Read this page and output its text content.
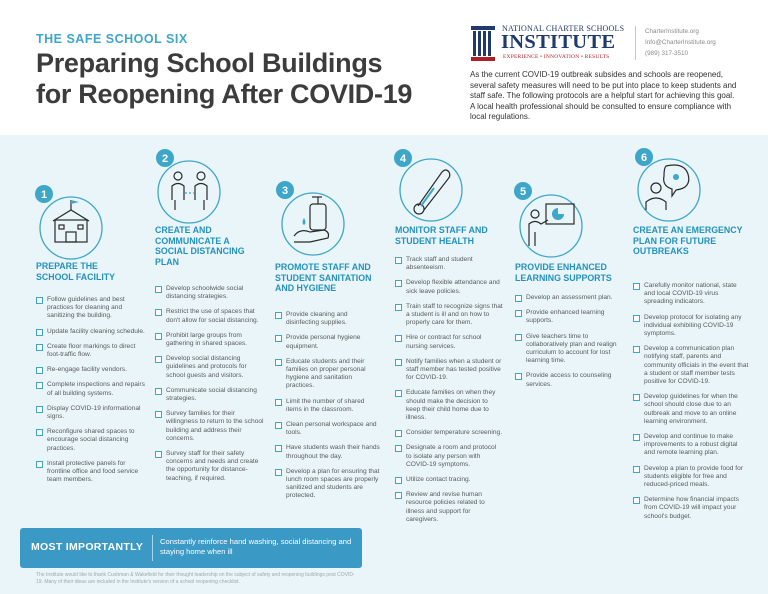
THE SAFE SCHOOL SIX
Preparing School Buildings
for Reopening After COVID-19
NATIONAL CHARTER SCHOOLS
INSTITUTE
EXPERIENCE • INNOVATION • RESULTS
CharterInstitute.org
Info@CharterInstitute.org
(989) 317-3510
As the current COVID-19 outbreak subsides and schools are reopened, several safety measures will need to be put into place to keep students and staff safe. The following protocols are a helpful start for achieving this goal. A local health professional should be consulted to ensure compliance with local regulations.
1
PREPARE THE SCHOOL FACILITY
Follow guidelines and best practices for cleaning and sanitizing the building.
Update facility cleaning schedule.
Create floor markings to direct foot-traffic flow.
Re-engage facility vendors.
Complete inspections and repairs of all building systems.
Display COVID-19 informational signs.
Reconfigure shared spaces to encourage social distancing practices.
Install protective panels for frontline office and food service team members.
2
CREATE AND COMMUNICATE A SOCIAL DISTANCING PLAN
Develop schoolwide social distancing strategies.
Restrict the use of spaces that don't allow for social distancing.
Prohibit large groups from gathering in shared spaces.
Develop social distancing guidelines and protocols for school guests and visitors.
Communicate social distancing strategies.
Survey families for their willingness to return to the school building and address their concerns.
Survey staff for their safety concerns and needs and create the opportunity for distance-teaching, if required.
3
PROMOTE STAFF AND STUDENT SANITATION AND HYGIENE
Provide cleaning and disinfecting supplies.
Provide personal hygiene equipment.
Educate students and their families on proper personal hygiene and sanitation practices.
Limit the number of shared items in the classroom.
Clean personal workspace and tools.
Have students wash their hands throughout the day.
Develop a plan for ensuring that lunch room spaces are properly sanitized and students are protected.
4
MONITOR STAFF AND STUDENT HEALTH
Track staff and student absenteeism.
Develop flexible attendance and sick leave policies.
Train staff to recognize signs that a student is ill and on how to properly care for them.
Hire or contract for school nursing services.
Notify families when a student or staff member has tested positive for COVID-19.
Educate families on when they should make the decision to keep their child home due to illness.
Consider temperature screening.
Designate a room and protocol to isolate any person with COVID-19 symptoms.
Utilize contact tracing.
Review and revise human resource policies related to illness and support for caregivers.
5
PROVIDE ENHANCED LEARNING SUPPORTS
Develop an assessment plan.
Provide enhanced learning supports.
Give teachers time to collaboratively plan and realign curriculum to account for lost learning time.
Provide access to counseling services.
6
CREATE AN EMERGENCY PLAN FOR FUTURE OUTBREAKS
Carefully monitor national, state and local COVID-19 virus spreading indicators.
Develop protocol for isolating any individual exhibiting COVID-19 symptoms.
Develop a communication plan notifying staff, parents and community officials in the event that a student or staff member tests positive for COVID-19.
Develop guidelines for when the school should close due to an outbreak and move to an online learning environment.
Develop and continue to make improvements to a robust digital and remote learning plan.
Develop a plan to provide food for students eligible for free and reduced-priced meals.
Determine how financial impacts from COVID-19 will impact your school's budget.
MOST IMPORTANTLY Constantly reinforce hand washing, social distancing and staying home when ill
The Institute would like to thank Cushman & Wakefield for their thought leadership on the subject of safety and reopening buildings post COVID-19. Many of their ideas are included in the Institute's version of a school reopening checklist.
